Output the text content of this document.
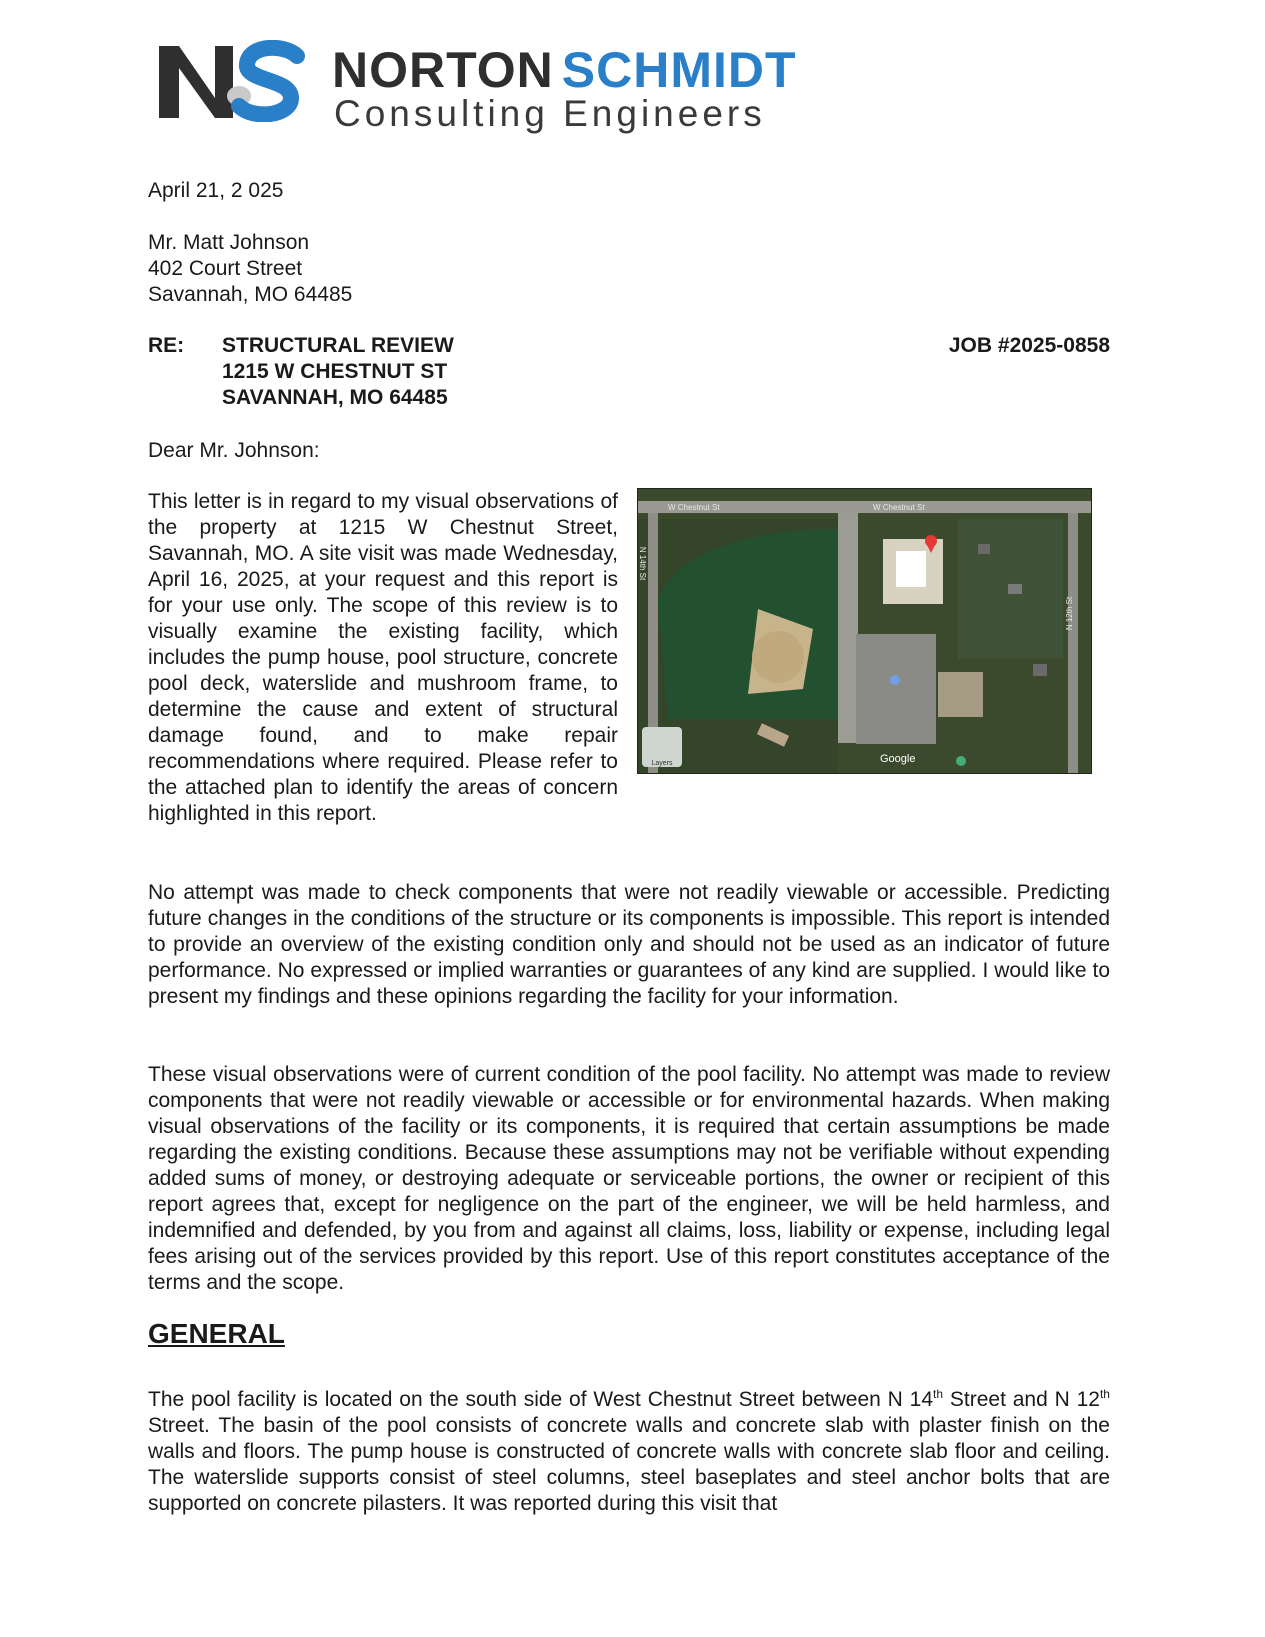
NORTON SCHMIDT
Consulting Engineers
April 21, 2 025
Mr. Matt Johnson
402 Court Street
Savannah, MO 64485
RE: STRUCTURAL REVIEW
1215 W CHESTNUT ST
SAVANNAH, MO 64485
JOB #2025-0858
Dear Mr. Johnson:
This letter is in regard to my visual observations of the property at 1215 W Chestnut Street, Savannah, MO. A site visit was made Wednesday, April 16, 2025, at your request and this report is for your use only. The scope of this review is to visually examine the existing facility, which includes the pump house, pool structure, concrete pool deck, waterslide and mushroom frame, to determine the cause and extent of structural damage found, and to make repair recommendations where required. Please refer to the attached plan to identify the areas of concern highlighted in this report.
W Chestnut St	W Chestnut St
N 14th St
N 12th St
Google
Layers
No attempt was made to check components that were not readily viewable or accessible. Predicting future changes in the conditions of the structure or its components is impossible. This report is intended to provide an overview of the existing condition only and should not be used as an indicator of future performance. No expressed or implied warranties or guarantees of any kind are supplied. I would like to present my findings and these opinions regarding the facility for your information.
These visual observations were of current condition of the pool facility. No attempt was made to review components that were not readily viewable or accessible or for environmental hazards. When making visual observations of the facility or its components, it is required that certain assumptions be made regarding the existing conditions. Because these assumptions may not be verifiable without expending added sums of money, or destroying adequate or serviceable portions, the owner or recipient of this report agrees that, except for negligence on the part of the engineer, we will be held harmless, and indemnified and defended, by you from and against all claims, loss, liability or expense, including legal fees arising out of the services provided by this report. Use of this report constitutes acceptance of the terms and the scope.
GENERAL
The pool facility is located on the south side of West Chestnut Street between N 14th Street and N 12th Street. The basin of the pool consists of concrete walls and concrete slab with plaster finish on the walls and floors. The pump house is constructed of concrete walls with concrete slab floor and ceiling. The waterslide supports consist of steel columns, steel baseplates and steel anchor bolts that are supported on concrete pilasters. It was reported during this visit that
